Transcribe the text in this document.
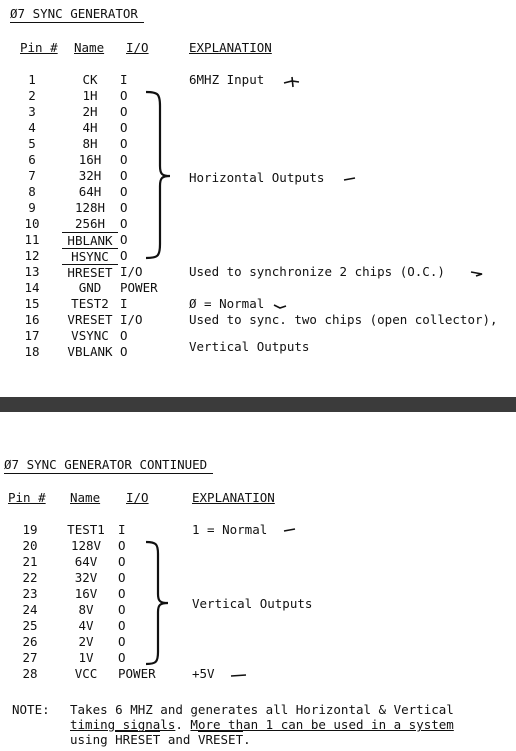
Ø7 SYNC GENERATOR
Pin # Name I/O	EXPLANATION
1	CK	I	6MHZ Input
2	1H	O
3	2H	O
4	4H	O
5	8H	O
6	16H	O
7	32H	O
8	64H	O
9	128H	O
10	256H	O
11	HBLANK O
12	HSYNC O
13	HRESET I/O	Used to synchronize 2 chips (O.C.)
14	GND	POWER
15	TEST2 I	Ø = Normal
16	VRESET I/O	Used to sync. two chips (open collector),
17	VSYNC O
18	VBLANK O
Horizontal Outputs
Vertical Outputs
Ø7 SYNC GENERATOR CONTINUED
Pin # Name I/O	EXPLANATION
19	TEST1 I	1 = Normal
20	128V	O
21	64V	O
22	32V	O
23	16V	O
24	8V	O
25	4V	O
26	2V	O
27	1V	O
28	VCC	POWER	+5V
Vertical Outputs
NOTE: Takes 6 MHZ and generates all Horizontal & Vertical
timing signals. More than 1 can be used in a system
using HRESET and VRESET.
